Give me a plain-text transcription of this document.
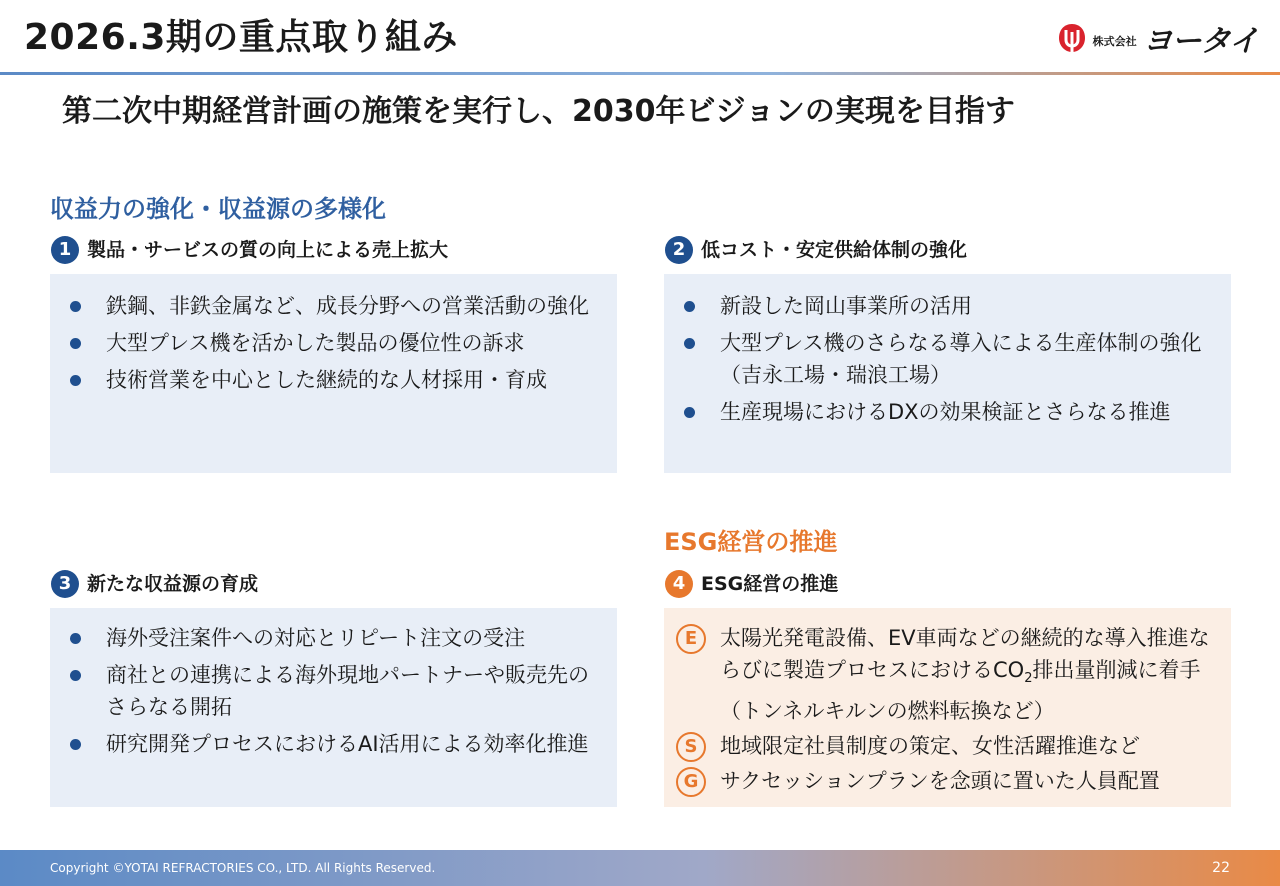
2026.3期の重点取り組み	株式会社 ヨータイ
第二次中期経営計画の施策を実行し、2030年ビジョンの実現を目指す
収益力の強化・収益源の多様化
ESG経営の推進
1 製品・サービスの質の向上による売上拡大
鉄鋼、非鉄金属など、成長分野への営業活動の強化
大型プレス機を活かした製品の優位性の訴求
技術営業を中心とした継続的な人材採用・育成
2 低コスト・安定供給体制の強化
新設した岡山事業所の活用
大型プレス機のさらなる導入による生産体制の強化（吉永工場・瑞浪工場）
生産現場におけるDXの効果検証とさらなる推進
3 新たな収益源の育成
海外受注案件への対応とリピート注文の受注
商社との連携による海外現地パートナーや販売先のさらなる開拓
研究開発プロセスにおけるAI活用による効率化推進
4 ESG経営の推進
E	太陽光発電設備、EV車両などの継続的な導入推進ならびに製造プロセスにおける$CO_2$排出量削減に着手（トンネルキルンの燃料転換など）
S	地域限定社員制度の策定、女性活躍推進など
G	サクセッションプランを念頭に置いた人員配置
Copyright ©YOTAI REFRACTORIES CO., LTD. All Rights Reserved.	22
